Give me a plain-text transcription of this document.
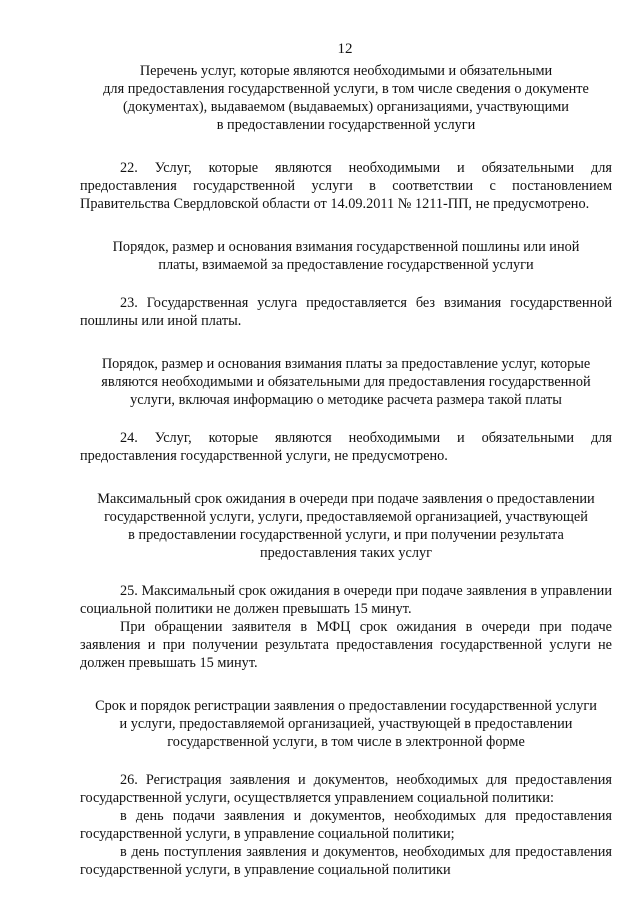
12
Перечень услуг, которые являются необходимыми и обязательными
для предоставления государственной услуги, в том числе сведения о документе
(документах), выдаваемом (выдаваемых) организациями, участвующими
в предоставлении государственной услуги

22. Услуг, которые являются необходимыми и обязательными для предоставления государственной услуги в соответствии с постановлением Правительства Свердловской области от 14.09.2011 № 1211-ПП, не предусмотрено.

Порядок, размер и основания взимания государственной пошлины или иной
платы, взимаемой за предоставление государственной услуги

23. Государственная услуга предоставляется без взимания государственной пошлины или иной платы.

Порядок, размер и основания взимания платы за предоставление услуг, которые
являются необходимыми и обязательными для предоставления государственной
услуги, включая информацию о методике расчета размера такой платы

24. Услуг, которые являются необходимыми и обязательными для предоставления государственной услуги, не предусмотрено.

Максимальный срок ожидания в очереди при подаче заявления о предоставлении
государственной услуги, услуги, предоставляемой организацией, участвующей
в предоставлении государственной услуги, и при получении результата
предоставления таких услуг

25. Максимальный срок ожидания в очереди при подаче заявления в управлении социальной политики не должен превышать 15 минут.

При обращении заявителя в МФЦ срок ожидания в очереди при подаче заявления и при получении результата предоставления государственной услуги не должен превышать 15 минут.

Срок и порядок регистрации заявления о предоставлении государственной услуги
и услуги, предоставляемой организацией, участвующей в предоставлении
государственной услуги, в том числе в электронной форме

26. Регистрация заявления и документов, необходимых для предоставления государственной услуги, осуществляется управлением социальной политики:

в день подачи заявления и документов, необходимых для предоставления государственной услуги, в управление социальной политики;

в день поступления заявления и документов, необходимых для предоставления государственной услуги, в управление социальной политики
